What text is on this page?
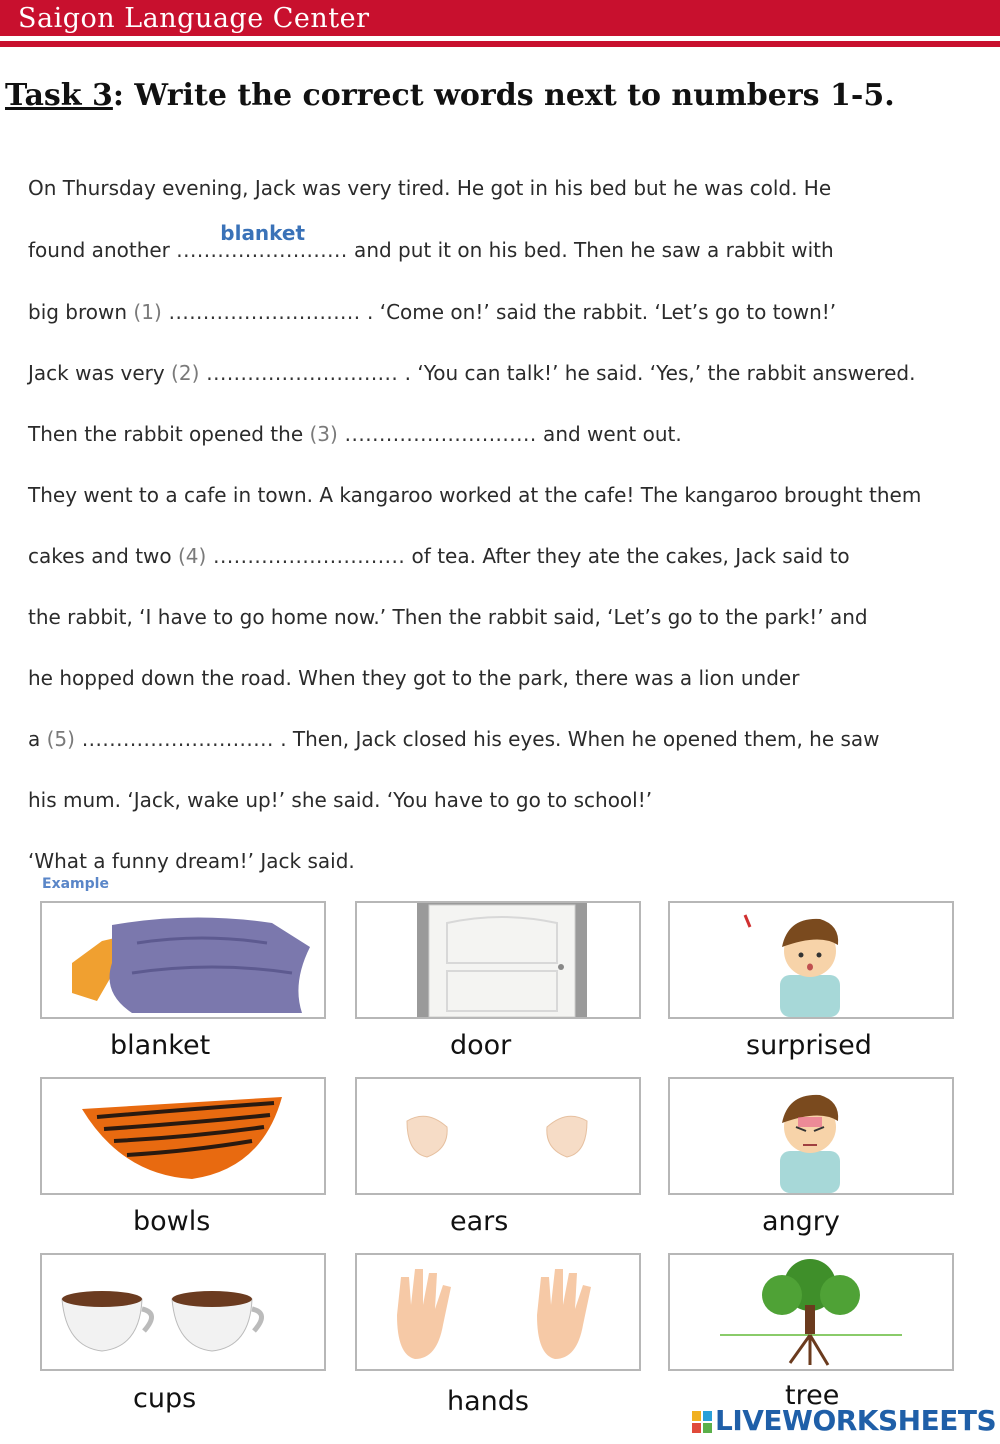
Saigon Language Center
Task 3: Write the correct words next to numbers 1-5.
On Thursday evening, Jack was very tired. He got in his bed but he was cold. He
found another .........................
blanket
and put it on his bed. Then he saw a rabbit with
big brown (1) ............................ . ‘Come on!’ said the rabbit. ‘Let’s go to town!’
Jack was very (2) ............................ . ‘You can talk!’ he said. ‘Yes,’ the rabbit answered.
Then the rabbit opened the (3) ............................ and went out.
They went to a cafe in town. A kangaroo worked at the cafe! The kangaroo brought them
cakes and two (4) ............................ of tea. After they ate the cakes, Jack said to
the rabbit, ‘I have to go home now.’ Then the rabbit said, ‘Let’s go to the park!’ and
he hopped down the road. When they got to the park, there was a lion under
a (5) ............................ . Then, Jack closed his eyes. When he opened them, he saw
his mum. ‘Jack, wake up!’ she said. ‘You have to go to school!’
‘What a funny dream!’ Jack said.
Example
blanket	door	surprised
bowls	ears	angry
cups	hands	tree
LIVEWORKSHEETS
